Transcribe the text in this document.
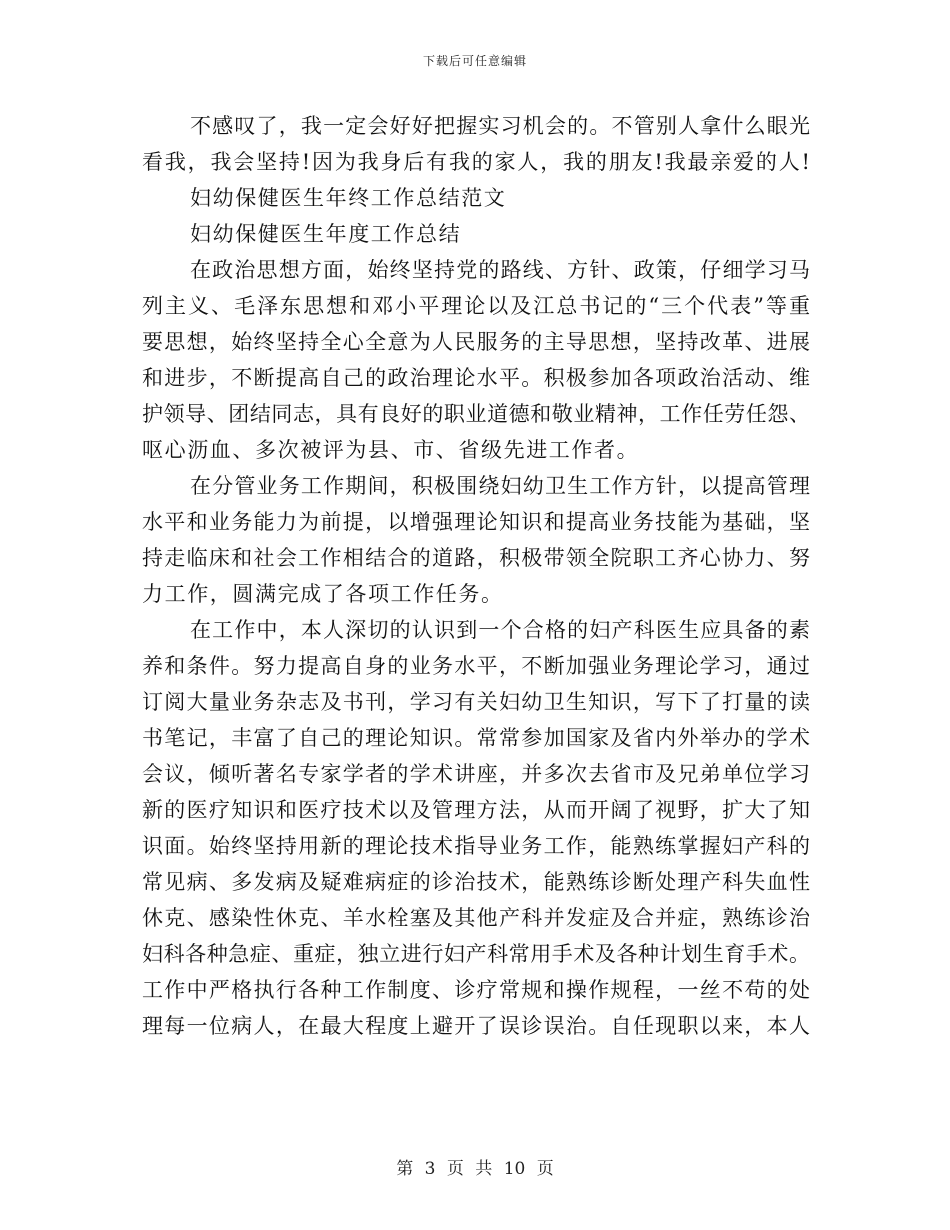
下载后可任意编辑
不感叹了，我一定会好好把握实习机会的。不管别人拿什么眼光
看我，我会坚持!因为我身后有我的家人，我的朋友!我最亲爱的人!
妇幼保健医生年终工作总结范文
妇幼保健医生年度工作总结
在政治思想方面，始终坚持党的路线、方针、政策，仔细学习马
列主义、毛泽东思想和邓小平理论以及江总书记的“三个代表”等重
要思想，始终坚持全心全意为人民服务的主导思想，坚持改革、进展
和进步，不断提高自己的政治理论水平。积极参加各项政治活动、维
护领导、团结同志，具有良好的职业道德和敬业精神，工作任劳任怨、
呕心沥血、多次被评为县、市、省级先进工作者。
在分管业务工作期间，积极围绕妇幼卫生工作方针，以提高管理
水平和业务能力为前提，以增强理论知识和提高业务技能为基础，坚
持走临床和社会工作相结合的道路，积极带领全院职工齐心协力、努
力工作，圆满完成了各项工作任务。
在工作中，本人深切的认识到一个合格的妇产科医生应具备的素
养和条件。努力提高自身的业务水平，不断加强业务理论学习，通过
订阅大量业务杂志及书刊，学习有关妇幼卫生知识，写下了打量的读
书笔记，丰富了自己的理论知识。常常参加国家及省内外举办的学术
会议，倾听著名专家学者的学术讲座，并多次去省市及兄弟单位学习
新的医疗知识和医疗技术以及管理方法，从而开阔了视野，扩大了知
识面。始终坚持用新的理论技术指导业务工作，能熟练掌握妇产科的
常见病、多发病及疑难病症的诊治技术，能熟练诊断处理产科失血性
休克、感染性休克、羊水栓塞及其他产科并发症及合并症，熟练诊治
妇科各种急症、重症，独立进行妇产科常用手术及各种计划生育手术。
工作中严格执行各种工作制度、诊疗常规和操作规程，一丝不苟的处
理每一位病人，在最大程度上避开了误诊误治。自任现职以来，本人
第 3 页 共 10 页
